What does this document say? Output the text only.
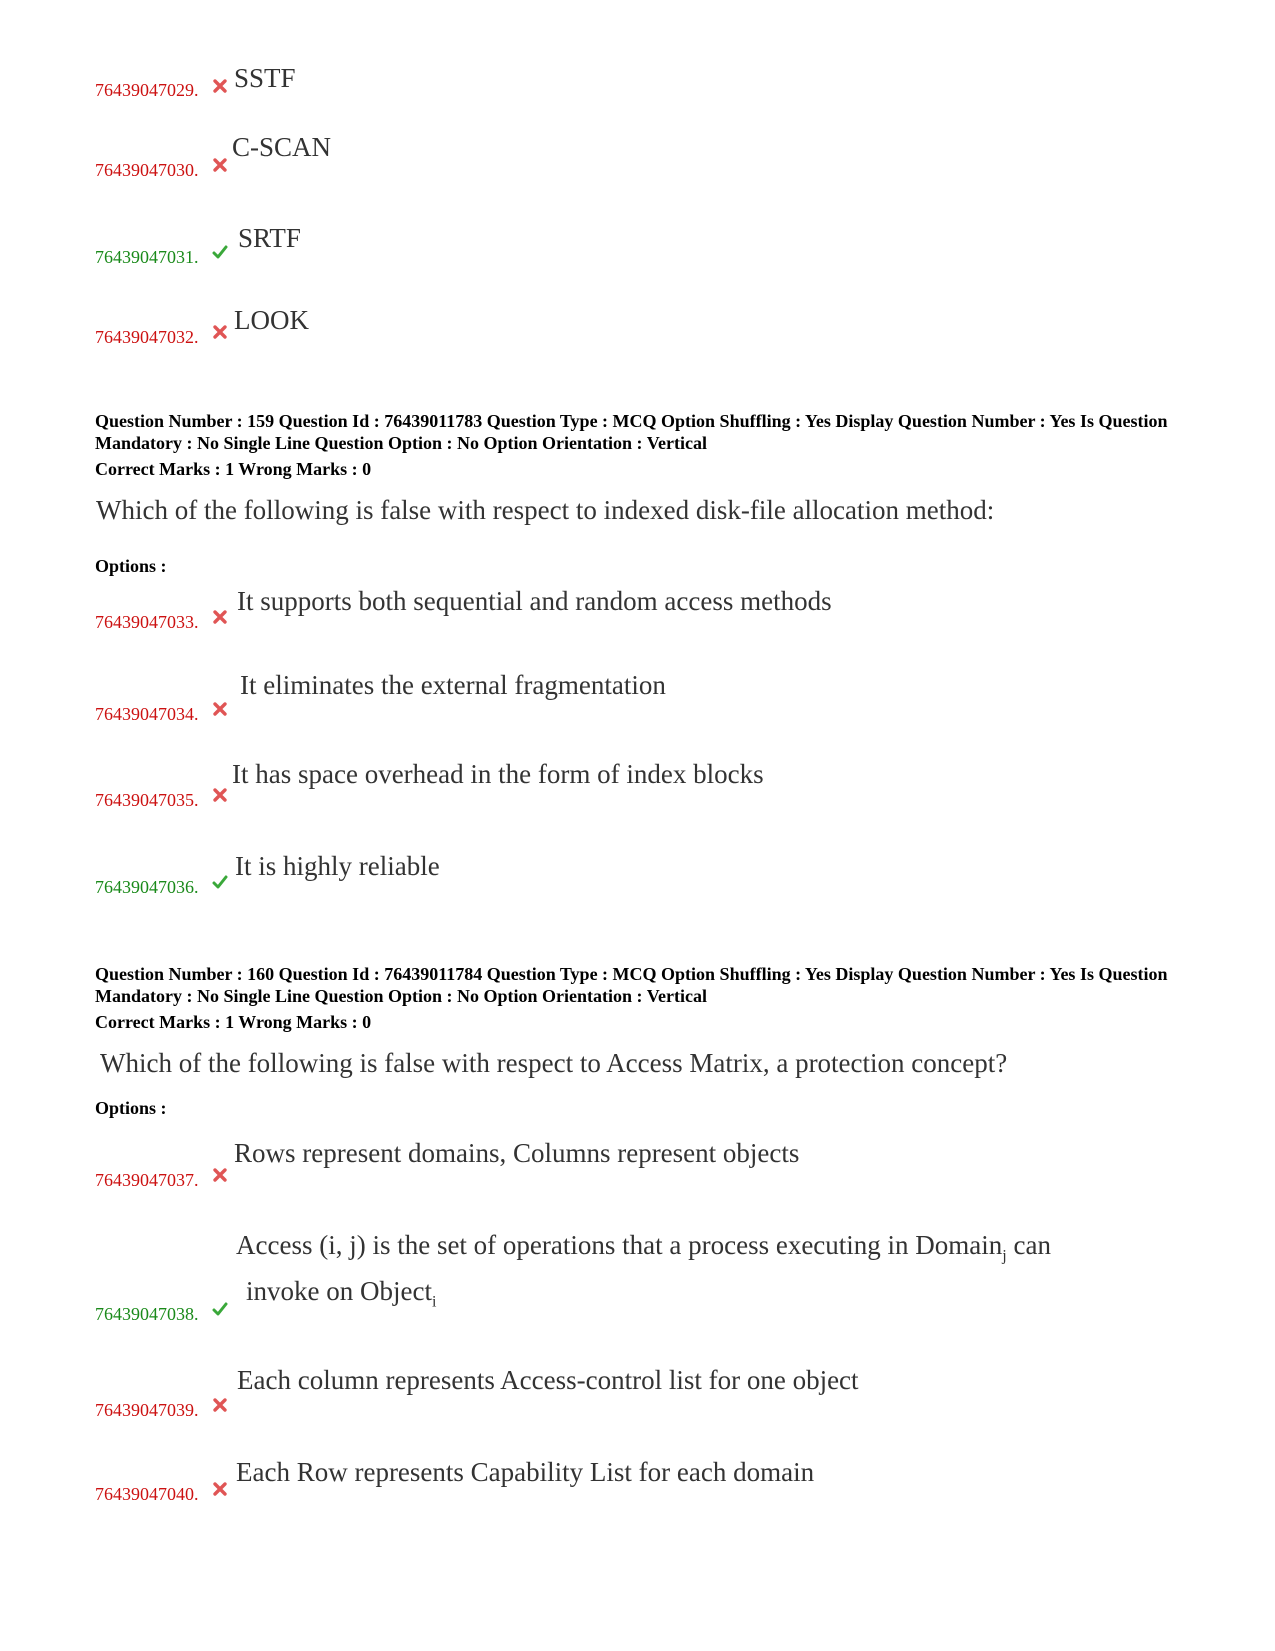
76439047029. SSTF
76439047030.
C-SCAN
76439047031.
SRTF
76439047032.
LOOK
Question Number : 159 Question Id : 76439011783 Question Type : MCQ Option Shuffling : Yes Display Question Number : Yes Is Question Mandatory : No Single Line Question Option : No Option Orientation : Vertical
Correct Marks : 1 Wrong Marks : 0
Which of the following is false with respect to indexed disk-file allocation method:
Options :
76439047033.
It supports both sequential and random access methods
76439047034.
It eliminates the external fragmentation
76439047035.
It has space overhead in the form of index blocks
76439047036.
It is highly reliable
Question Number : 160 Question Id : 76439011784 Question Type : MCQ Option Shuffling : Yes Display Question Number : Yes Is Question Mandatory : No Single Line Question Option : No Option Orientation : Vertical
Correct Marks : 1 Wrong Marks : 0
Which of the following is false with respect to Access Matrix, a protection concept?
Options :
76439047037.
Rows represent domains, Columns represent objects
76439047038.
Access (i, j) is the set of operations that a process executing in Domain$_j$ can
invoke on Object$_i$
76439047039.
Each column represents Access-control list for one object
76439047040.
Each Row represents Capability List for each domain
